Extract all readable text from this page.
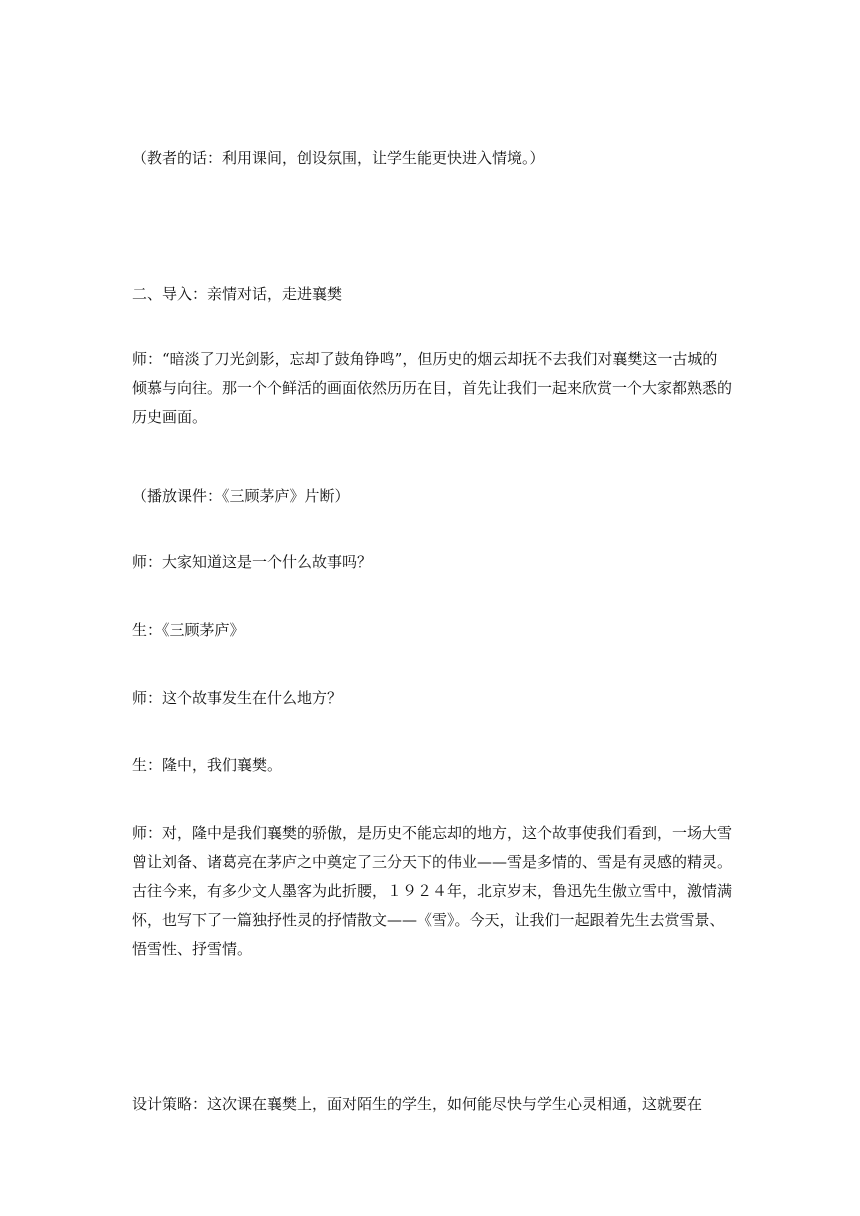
（教者的话：利用课间，创设氛围，让学生能更快进入情境。）
二、导入：亲情对话，走进襄樊
师：“暗淡了刀光剑影，忘却了鼓角铮鸣”，但历史的烟云却抚不去我们对襄樊这一古城的倾慕与向往。那一个个鲜活的画面依然历历在目，首先让我们一起来欣赏一个大家都熟悉的历史画面。
（播放课件：《三顾茅庐》片断）
师：大家知道这是一个什么故事吗？
生：《三顾茅庐》
师：这个故事发生在什么地方？
生：隆中，我们襄樊。
师：对，隆中是我们襄樊的骄傲，是历史不能忘却的地方，这个故事使我们看到，一场大雪曾让刘备、诸葛亮在茅庐之中奠定了三分天下的伟业——雪是多情的、雪是有灵感的精灵。古往今来，有多少文人墨客为此折腰，１９２４年，北京岁末，鲁迅先生傲立雪中，激情满怀，也写下了一篇独抒性灵的抒情散文——《雪》。今天，让我们一起跟着先生去赏雪景、悟雪性、抒雪情。
设计策略：这次课在襄樊上，面对陌生的学生，如何能尽快与学生心灵相通，这就要在
